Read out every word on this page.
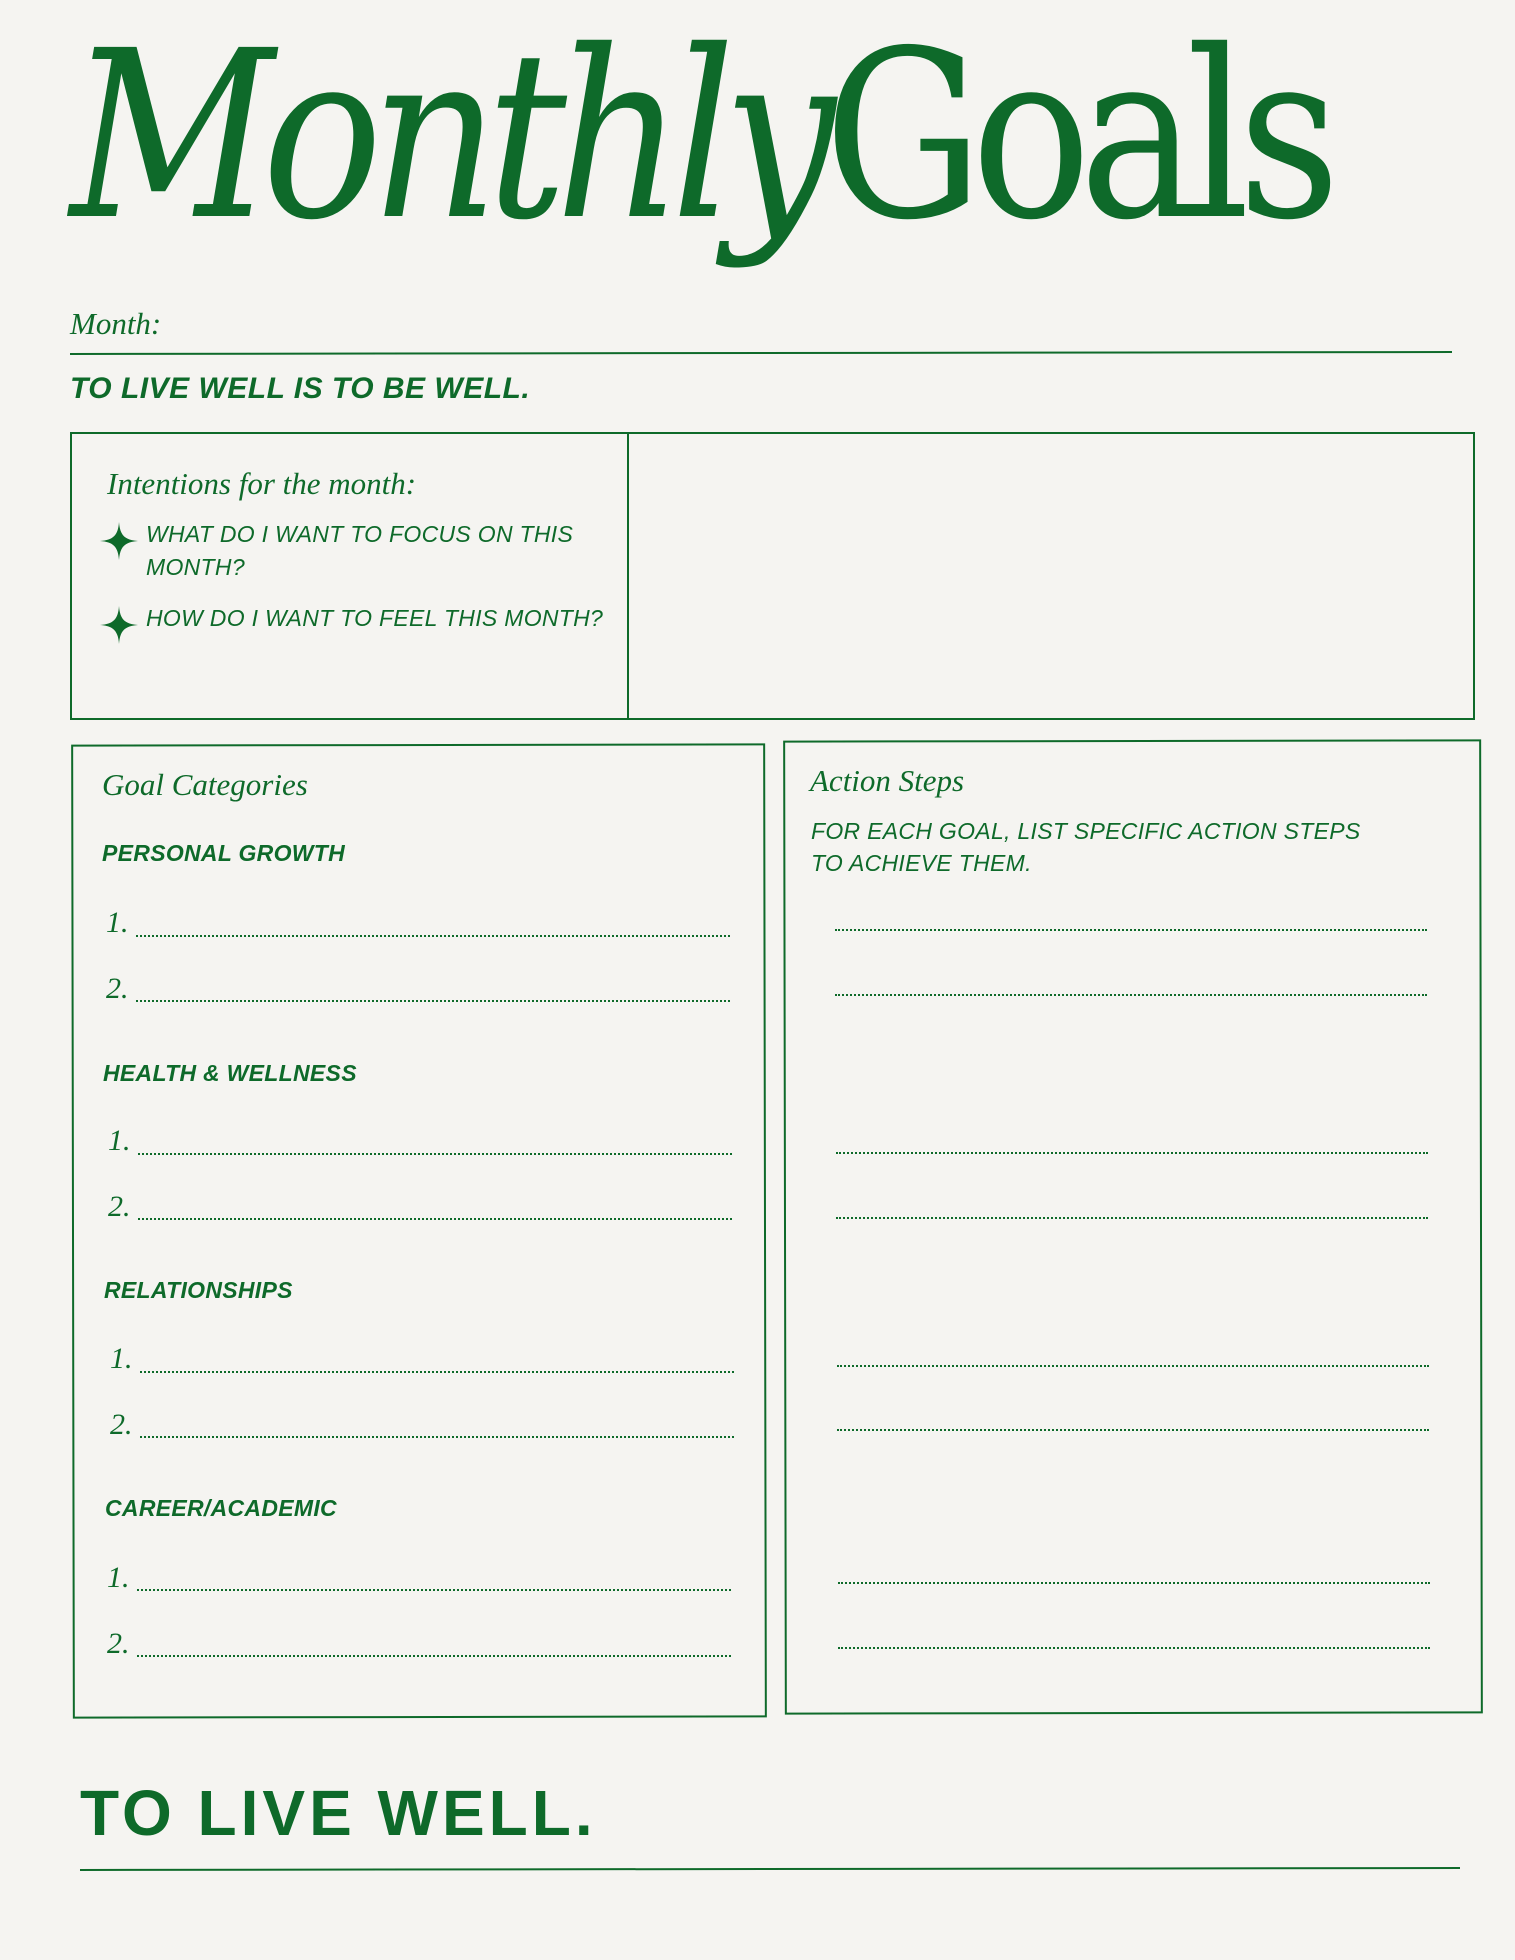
MonthlyGoals
Month:
TO LIVE WELL IS TO BE WELL.
Intentions for the month:
WHAT DO I WANT TO FOCUS ON THIS MONTH?
HOW DO I WANT TO FEEL THIS MONTH?
Goal Categories
PERSONAL GROWTH
1.
2.
HEALTH & WELLNESS
1.
2.
RELATIONSHIPS
1.
2.
CAREER/ACADEMIC
1.
2.
Action Steps
FOR EACH GOAL, LIST SPECIFIC ACTION STEPS TO ACHIEVE THEM.
TO LIVE WELL.
